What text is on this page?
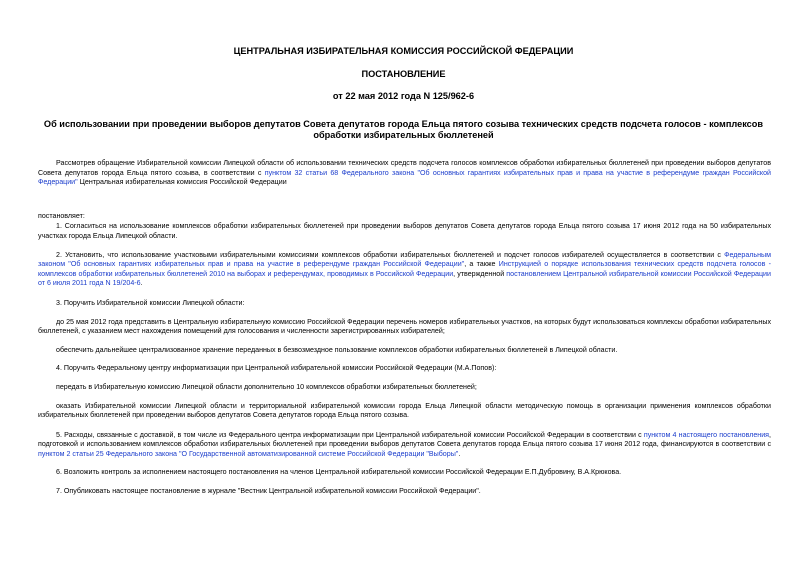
ЦЕНТРАЛЬНАЯ ИЗБИРАТЕЛЬНАЯ КОМИССИЯ РОССИЙСКОЙ ФЕДЕРАЦИИ
ПОСТАНОВЛЕНИЕ
от 22 мая 2012 года N 125/962-6
Об использовании при проведении выборов депутатов Совета депутатов города Ельца пятого созыва технических средств подсчета голосов - комплексов обработки избирательных бюллетеней

Рассмотрев обращение Избирательной комиссии Липецкой области об использовании технических средств подсчета голосов комплексов обработки избирательных бюллетеней при проведении выборов депутатов Совета депутатов города Ельца пятого созыва, в соответствии с пунктом 32 статьи 68 Федерального закона "Об основных гарантиях избирательных прав и права на участие в референдуме граждан Российской Федерации" Центральная избирательная комиссия Российской Федерации

постановляет:

1. Согласиться на использование комплексов обработки избирательных бюллетеней при проведении выборов депутатов Совета депутатов города Ельца пятого созыва 17 июня 2012 года на 50 избирательных участках города Ельца Липецкой области.

2. Установить, что использование участковыми избирательными комиссиями комплексов обработки избирательных бюллетеней и подсчет голосов избирателей осуществляется в соответствии с Федеральным законом "Об основных гарантиях избирательных прав и права на участие в референдуме граждан Российской Федерации", а также Инструкцией о порядке использования технических средств подсчета голосов - комплексов обработки избирательных бюллетеней 2010 на выборах и референдумах, проводимых в Российской Федерации, утвержденной постановлением Центральной избирательной комиссии Российской Федерации от 6 июля 2011 года N 19/204-6.

3. Поручить Избирательной комиссии Липецкой области:

до 25 мая 2012 года представить в Центральную избирательную комиссию Российской Федерации перечень номеров избирательных участков, на которых будут использоваться комплексы обработки избирательных бюллетеней, с указанием мест нахождения помещений для голосования и численности зарегистрированных избирателей;

обеспечить дальнейшее централизованное хранение переданных в безвозмездное пользование комплексов обработки избирательных бюллетеней в Липецкой области.

4. Поручить Федеральному центру информатизации при Центральной избирательной комиссии Российской Федерации (М.А.Попов):

передать в Избирательную комиссию Липецкой области дополнительно 10 комплексов обработки избирательных бюллетеней;

оказать Избирательной комиссии Липецкой области и территориальной избирательной комиссии города Ельца Липецкой области методическую помощь в организации применения комплексов обработки избирательных бюллетеней при проведении выборов депутатов Совета депутатов города Ельца пятого созыва.

5. Расходы, связанные с доставкой, в том числе из Федерального центра информатизации при Центральной избирательной комиссии Российской Федерации в соответствии с пунктом 4 настоящего постановления, подготовкой и использованием комплексов обработки избирательных бюллетеней при проведении выборов депутатов Совета депутатов города Ельца пятого созыва 17 июня 2012 года, финансируются в соответствии с пунктом 2 статьи 25 Федерального закона "О Государственной автоматизированной системе Российской Федерации "Выборы".

6. Возложить контроль за исполнением настоящего постановления на членов Центральной избирательной комиссии Российской Федерации Е.П.Дубровину, В.А.Крюкова.

7. Опубликовать настоящее постановление в журнале "Вестник Центральной избирательной комиссии Российской Федерации".
